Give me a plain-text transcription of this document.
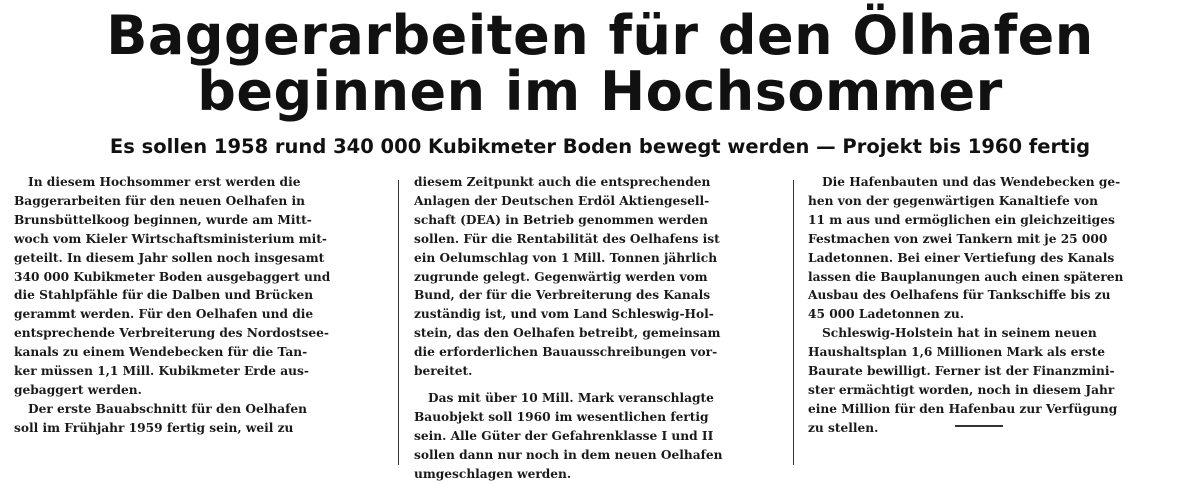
Baggerarbeiten für den Ölhafen
beginnen im Hochsommer
Es sollen 1958 rund 340 000 Kubikmeter Boden bewegt werden — Projekt bis 1960 fertig

In diesem Hochsommer erst werden die

Baggerarbeiten für den neuen Oelhafen in

Brunsbüttelkoog beginnen, wurde am Mitt-

woch vom Kieler Wirtschaftsministerium mit-

geteilt. In diesem Jahr sollen noch insgesamt

340 000 Kubikmeter Boden ausgebaggert und

die Stahlpfähle für die Dalben und Brücken

gerammt werden. Für den Oelhafen und die

entsprechende Verbreiterung des Nordostsee-

kanals zu einem Wendebecken für die Tan-

ker müssen 1,1 Mill. Kubikmeter Erde aus-

gebaggert werden.

Der erste Bauabschnitt für den Oelhafen

soll im Frühjahr 1959 fertig sein, weil zu

diesem Zeitpunkt auch die entsprechenden

Anlagen der Deutschen Erdöl Aktiengesell-

schaft (DEA) in Betrieb genommen werden

sollen. Für die Rentabilität des Oelhafens ist

ein Oelumschlag von 1 Mill. Tonnen jährlich

zugrunde gelegt. Gegenwärtig werden vom

Bund, der für die Verbreiterung des Kanals

zuständig ist, und vom Land Schleswig-Hol-

stein, das den Oelhafen betreibt, gemeinsam

die erforderlichen Bauausschreibungen vor-

bereitet.

Das mit über 10 Mill. Mark veranschlagte

Bauobjekt soll 1960 im wesentlichen fertig

sein. Alle Güter der Gefahrenklasse I und II

sollen dann nur noch in dem neuen Oelhafen

umgeschlagen werden.

Die Hafenbauten und das Wendebecken ge-

hen von der gegenwärtigen Kanaltiefe von

11 m aus und ermöglichen ein gleichzeitiges

Festmachen von zwei Tankern mit je 25 000

Ladetonnen. Bei einer Vertiefung des Kanals

lassen die Bauplanungen auch einen späteren

Ausbau des Oelhafens für Tankschiffe bis zu

45 000 Ladetonnen zu.

Schleswig-Holstein hat in seinem neuen

Haushaltsplan 1,6 Millionen Mark als erste

Baurate bewilligt. Ferner ist der Finanzmini-

ster ermächtigt worden, noch in diesem Jahr

eine Million für den Hafenbau zur Verfügung

zu stellen.
